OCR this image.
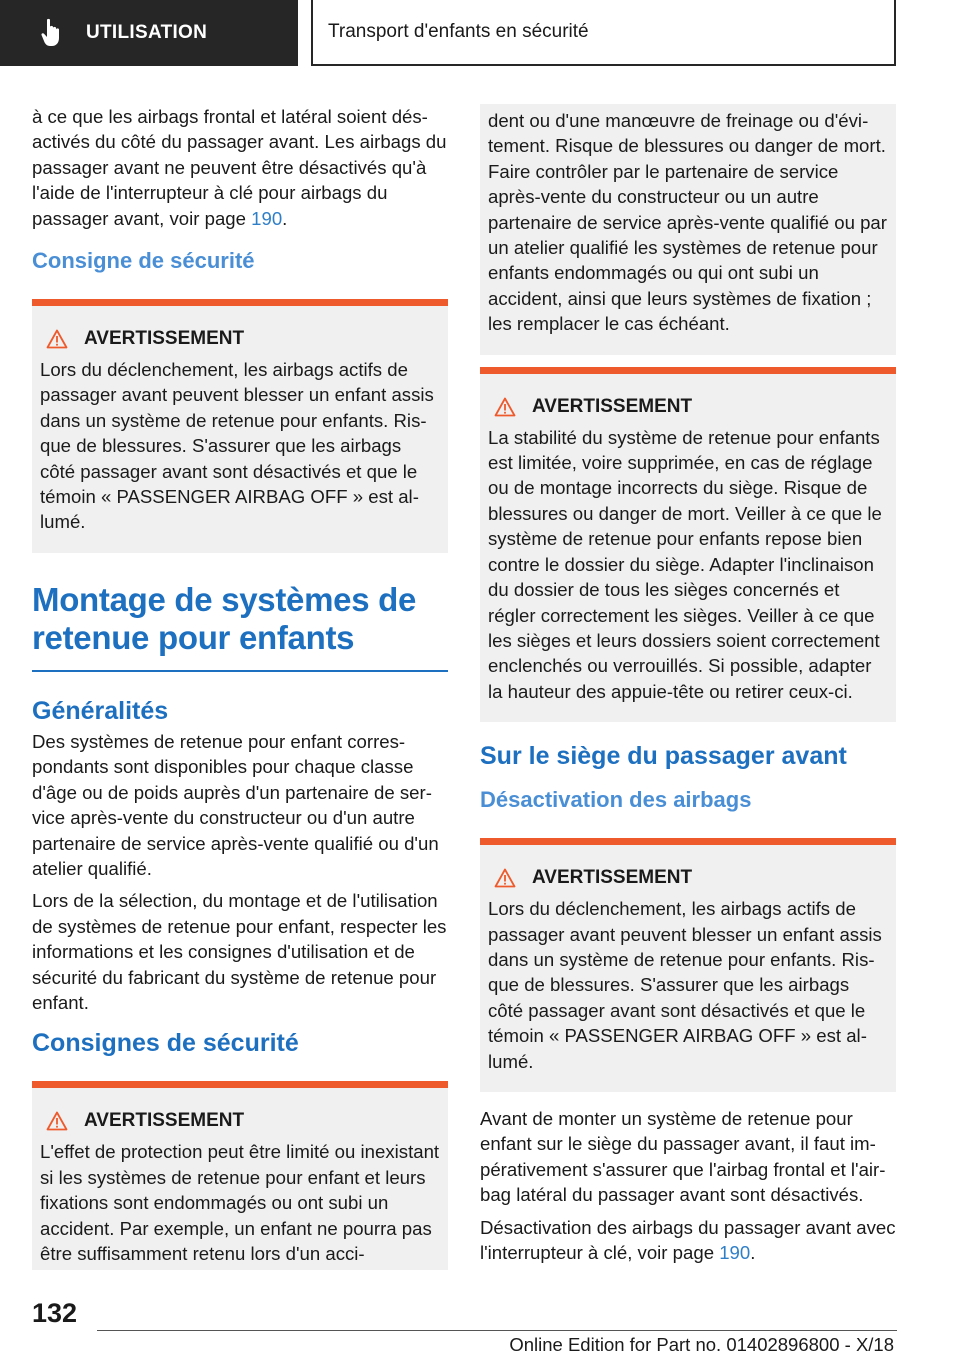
UTILISATION	Transport d'enfants en sécurité

à ce que les airbags frontal et latéral soient désactivés du côté du passager avant. Les airbags du passager avant ne peuvent être désactivés qu'à l'aide de l'interrupteur à clé pour airbags du passager avant, voir page 190.

Consigne de sécurité
AVERTISSEMENT
Lors du déclenchement, les airbags actifs de passager avant peuvent blesser un enfant assis dans un système de retenue pour enfants. Risque de blessures. S'assurer que les airbags côté passager avant sont désactivés et que le témoin « PASSENGER AIRBAG OFF » est allumé.
Montage de systèmes de retenue pour enfants
Généralités

Des systèmes de retenue pour enfant correspondants sont disponibles pour chaque classe d'âge ou de poids auprès d'un partenaire de service après-vente du constructeur ou d'un autre partenaire de service après-vente qualifié ou d'un atelier qualifié.

Lors de la sélection, du montage et de l'utilisation de systèmes de retenue pour enfant, respecter les informations et les consignes d'utilisation et de sécurité du fabricant du système de retenue pour enfant.

Consignes de sécurité
AVERTISSEMENT
L'effet de protection peut être limité ou inexistant si les systèmes de retenue pour enfant et leurs fixations sont endommagés ou ont subi un accident. Par exemple, un enfant ne pourra pas être suffisamment retenu lors d'un acci-
dent ou d'une manœuvre de freinage ou d'évitement. Risque de blessures ou danger de mort. Faire contrôler par le partenaire de service après-vente du constructeur ou un autre partenaire de service après-vente qualifié ou par un atelier qualifié les systèmes de retenue pour enfants endommagés ou qui ont subi un accident, ainsi que leurs systèmes de fixation ; les remplacer le cas échéant.
AVERTISSEMENT
La stabilité du système de retenue pour enfants est limitée, voire supprimée, en cas de réglage ou de montage incorrects du siège. Risque de blessures ou danger de mort. Veiller à ce que le système de retenue pour enfants repose bien contre le dossier du siège. Adapter l'inclinaison du dossier de tous les sièges concernés et régler correctement les sièges. Veiller à ce que les sièges et leurs dossiers soient correctement enclenchés ou verrouillés. Si possible, adapter la hauteur des appuie-tête ou retirer ceux-ci.
Sur le siège du passager avant
Désactivation des airbags
AVERTISSEMENT
Lors du déclenchement, les airbags actifs de passager avant peuvent blesser un enfant assis dans un système de retenue pour enfants. Risque de blessures. S'assurer que les airbags côté passager avant sont désactivés et que le témoin « PASSENGER AIRBAG OFF » est allumé.

Avant de monter un système de retenue pour enfant sur le siège du passager avant, il faut impérativement s'assurer que l'airbag frontal et l'airbag latéral du passager avant sont désactivés.

Désactivation des airbags du passager avant avec l'interrupteur à clé, voir page 190.

132
Online Edition for Part no. 01402896800 - X/18
